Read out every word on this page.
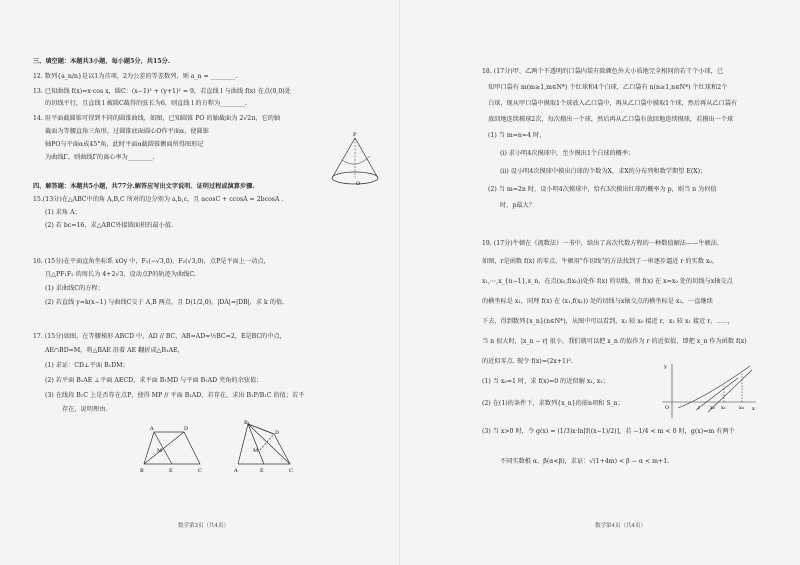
三、填空题：本题共3小题，每小题5分，共15分.
12. 数列{a_n/n}是以1为首项，2为公差的等差数列，则 a_n = ________.
13. 已知曲线 f(x)=x·cos x，圆C：(x−1)² + (y+1)² = 9，若直线 l 与曲线 f(x) 在点(0,0)处
的切线平行，且直线 l 被圆C截得的弦长为6，则直线 l 的方程为________.
14. 用平面截圆锥可得到不同的圆锥曲线，如图，已知圆锥 PO 的轴截面为 2√2π，它的轴
截面为等腰直角三角形，过圆锥底面圆心O作平面α，使圆锥
轴PO与平面α成45°角，此时平面α截圆锥侧面所得图形记
为曲线Γ，则曲线Γ的离心率为________.
P
O
四、解答题：本题共5小题，共77分.解答应写出文字说明、证明过程或演算步骤.
15.(13分)在△ABC中的角 A,B,C 所对的边分别为 a,b,c，且 acosC + ccosA = 2bcosA .
(1) 求角 A；
(2) 若 bc=16，求△ABC外接圆面积的最小值.
16. (15分)在平面直角坐标系 xOy 中，F₁(−√3,0)，F₂(√3,0)，点P是平面上一动点，
且△PF₁F₂ 的周长为 4+2√3，设动点P的轨迹为曲线C.
(1) 求曲线C的方程；
(2) 若直线 y=k(x−1) 与曲线C交于 A,B 两点，且 D(1/2,0)，|DA|=|DB|，求 k 的值.
17. (15分)如图，在等腰梯形 ABCD 中，AD // BC，AB=AD=½BC=2，E是BC的中点，
AE∩BD=M，将△BAE 沿着 AE 翻折成△B₁AE，
(1) 求证：CD⊥平面 B₁DM；
(2) 若平面 B₁AE ⊥平面 AECD，求平面 B₁MD 与平面 B₁AD 夹角的余弦值；
(3) 在线段 B₁C 上是否存在点P，使得 MP // 平面 B₁AD，若存在，求出 B₁P/B₁C 的值；若不
存在，说明理由.
A	D
B	E	C
M
B₁
A	E	C
D
M
数学第3页（共4页）
18. (17分)甲、乙两个不透明的口袋内装有除颜色外大小质地完全相同的若干个小球，已
知甲口袋有 m(m≥1,m∈N*) 个红球和4个白球，乙口袋有 n(n≥1,n∈N*) 个红球和2个
白球，现从甲口袋中摸取1个球放入乙口袋中，再从乙口袋中摸取1个球，然后再从乙口袋有
放回地连续摸球2次，每次摸出一个球，然后再从乙口袋有放回地连续摸球，若摸出一个球
(1) 当 m=n=4 时，
(i) 求小明4次摸球中，至少摸出1个白球的概率；
(ii) 设小明4次摸球中摸出白球的个数为X，求X的分布列和数学期望 E(X)；
(2) 当 m=2n 时，设小明4次摸球中，恰有3次摸出红球的概率为 p，则当 n 为何值
时，p最大？
19. (17分)牛顿在《流数法》一书中，给出了高次代数方程的一种数值解法——牛顿法.
如图，r是函数 f(x) 的零点，牛顿用"作切线"的方法找到了一串逐步逼近 r 的实数 x₀，
x₁,⋯,x_{n−1},x_n，在点(x₀,f(x₀))处作 f(x) 的切线，则 f(x) 在 x=x₀ 处的切线与x轴交点
的横坐标是 x₁，同理 f(x) 在 (x₁,f(x₁)) 处的切线与x轴交点的横坐标是 x₂，一直继续
下去，得到数列{x_n}(n∈N*)，从图中可以看到，x₁ 较 x₀ 接近 r，x₂ 较 x₁ 接近 r，⋯⋯，
当 n 很大时，|x_n − r| 很小，我们就可以把 x_n 的值作为 r 的近似值，即把 x_n 作为函数 f(x)
的近似零点. 现令 f(x)=(2x+1)².
(1) 当 x₀=1 时，求 f(x)=0 的近似解 x₁, x₂；
(2) 在(1)的条件下，求数列{x_n}的前n项和 S_n；
(3) 当 x>0 时，令 g(x) = (1/3)x·ln[f((x−1)/2)]，若 −1/4 < m < 0 时，g(x)=m 有两个
不同实数根 α、β(α<β)，求证：√(1+4m) < β − α < m+1.
y
x
O	r x₂ x₁	x₀
数学第4页（共4页）
